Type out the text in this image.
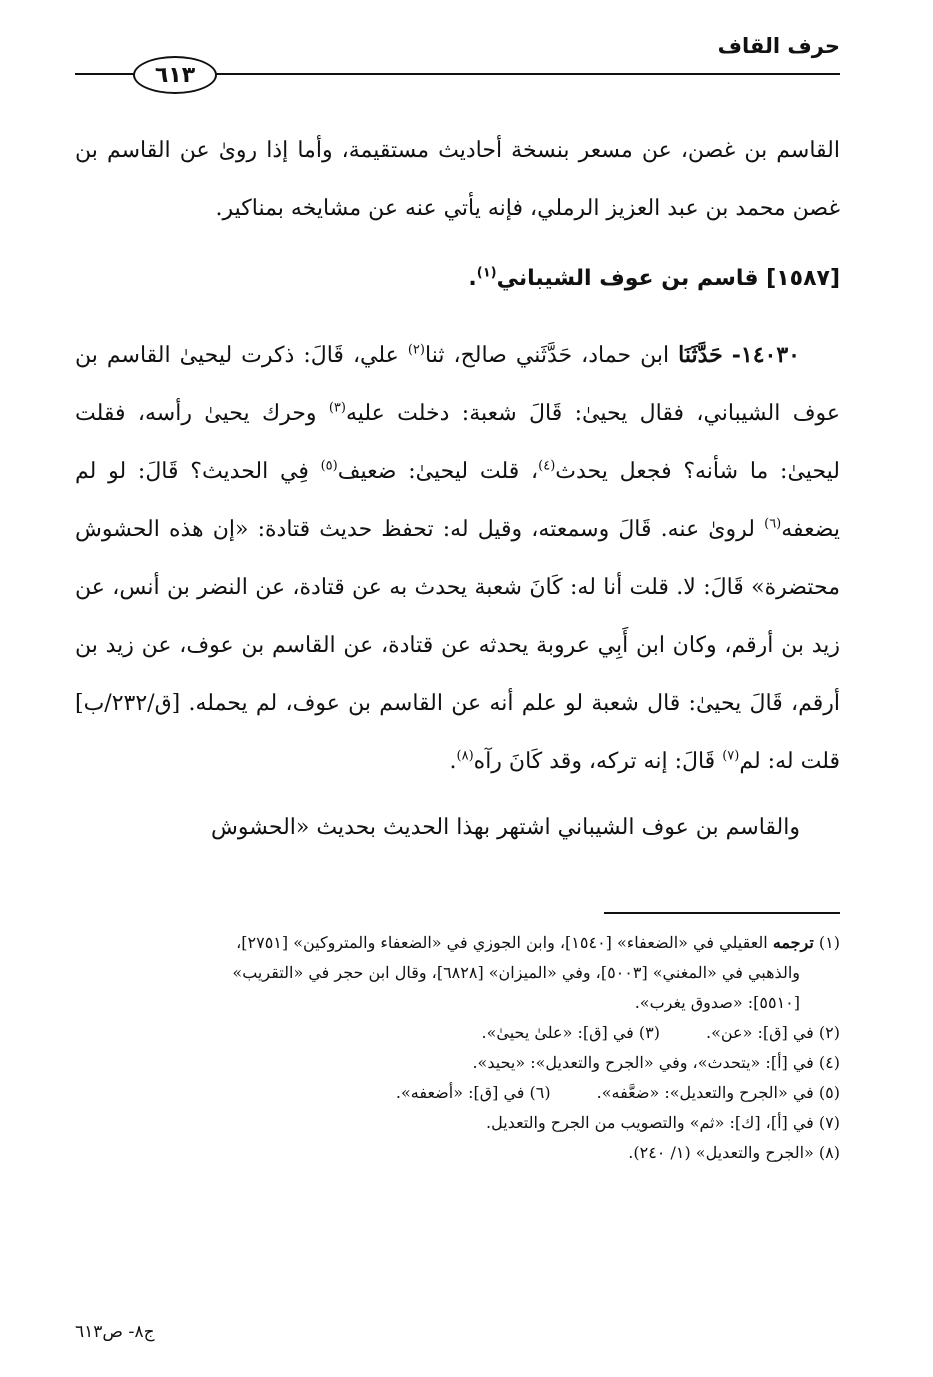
حرف القاف
٦١٣

القاسم بن غصن، عن مسعر بنسخة أحاديث مستقيمة، وأما إذا روىٰ عن القاسم بن غصن محمد بن عبد العزيز الرملي، فإنه يأتي عنه عن مشايخه بمناكير.

[١٥٨٧] قاسم بن عوف الشيباني$^{(١)}$.

١٤٠٣٠- حَدَّثَنَا ابن حماد، حَدَّثَني صالح، ثنا$^{(٢)}$ علي، قَالَ: ذكرت ليحيىٰ القاسم بن عوف الشيباني، فقال يحيىٰ: قَالَ شعبة: دخلت عليه$^{(٣)}$ وحرك يحيىٰ رأسه، فقلت ليحيىٰ: ما شأنه؟ فجعل يحدث$^{(٤)}$، قلت ليحيىٰ: ضعيف$^{(٥)}$ فِي الحديث؟ قَالَ: لو لم يضعفه$^{(٦)}$ لروىٰ عنه. قَالَ وسمعته، وقيل له: تحفظ حديث قتادة: «إن هذه الحشوش محتضرة» قَالَ: لا. قلت أنا له: كَانَ شعبة يحدث به عن قتادة، عن النضر بن أنس، عن زيد بن أرقم، وكان ابن أَبِي عروبة يحدثه عن قتادة، عن القاسم بن عوف، عن زيد بن أرقم، قَالَ يحيىٰ: قال شعبة لو علم أنه عن القاسم بن عوف، لم يحمله. [ق/٢٣٢/ب] قلت له: لم$^{(٧)}$ قَالَ: إنه تركه، وقد كَانَ رآه$^{(٨)}$.

والقاسم بن عوف الشيباني اشتهر بهذا الحديث بحديث «الحشوش

(١) ترجمه العقيلي في «الضعفاء» [١٥٤٠]، وابن الجوزي في «الضعفاء والمتروكين» [٢٧٥١]،

والذهبي في «المغني» [٥٠٠٣]، وفي «الميزان» [٦٨٢٨]، وقال ابن حجر في «التقريب»

[٥٥١٠]: «صدوق يغرب».

(٢) في [ق]: «عن».
(٣) في [ق]: «علىٰ يحيىٰ».

(٤) في [أ]: «يتحدث»، وفي «الجرح والتعديل»: «يحيد».

(٥) في «الجرح والتعديل»: «ضعَّفه».
(٦) في [ق]: «أضعفه».

(٧) في [أ]، [ك]: «ثم» والتصويب من الجرح والتعديل.

(٨) «الجرح والتعديل» (١/ ٢٤٠).

ج٨- ص٦١٣
